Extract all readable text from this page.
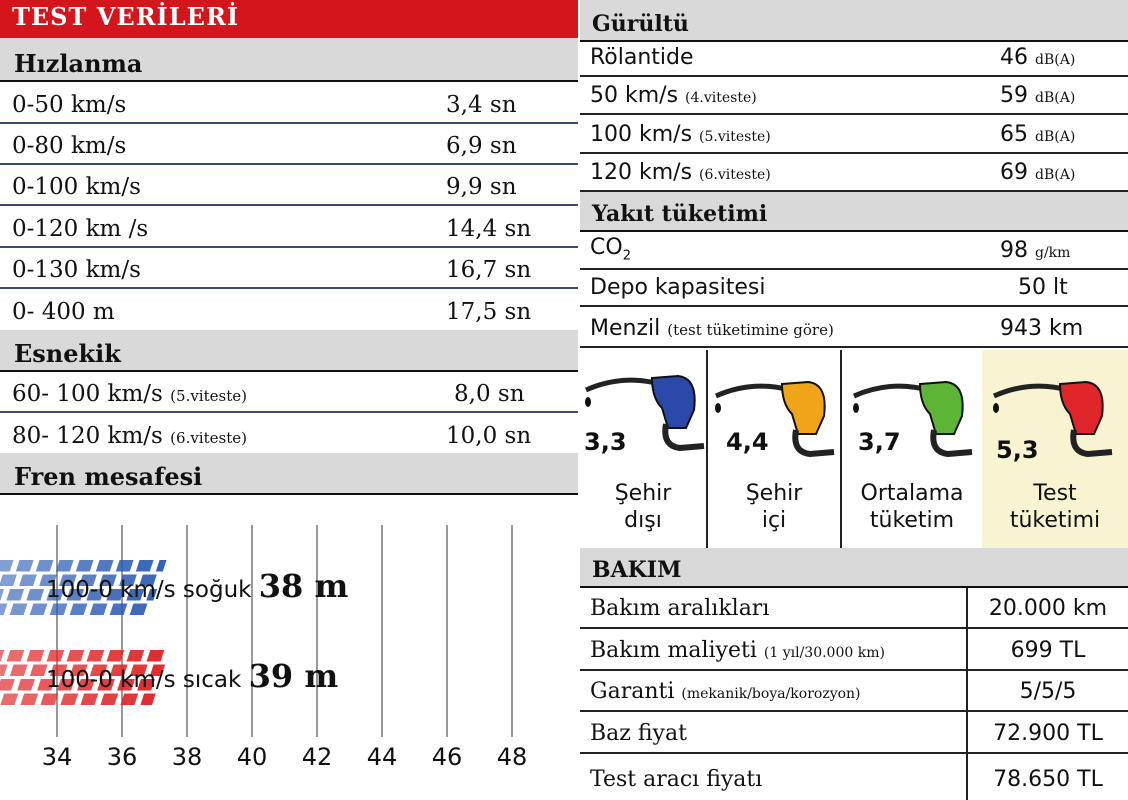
TEST VERİLERİ
Hızlanma
0-50 km/s	3,4 sn
0-80 km/s	6,9 sn
0-100 km/s	9,9 sn
0-120 km /s	14,4 sn
0-130 km/s	16,7 sn
0- 400 m	17,5 sn
Esnekik
60- 100 km/s (5.viteste)	8,0 sn
80- 120 km/s (6.viteste)	10,0 sn
Fren mesafesi
34 36 38 40 42 44 46 48
100-0 km/s soğuk 38 m
100-0 km/s sıcak 39 m
Gürültü
Rölantide	46 dB(A)
50 km/s (4.viteste)	59 dB(A)
100 km/s (5.viteste)	65 dB(A)
120 km/s (6.viteste)	69 dB(A)
Yakıt tüketimi
$CO_2$	98 g/km
Depo kapasitesi	50 lt
Menzil (test tüketimine göre)	943 km
3,3
Şehir
dışı
4,4
Şehir
içi
3,7
Ortalama
tüketim
5,3
Test
tüketimi
BAKIM
Bakım aralıkları	20.000 km
Bakım maliyeti (1 yıl/30.000 km)	699 TL
Garanti (mekanik/boya/korozyon)	5/5/5
Baz fiyat	72.900 TL
Test aracı fiyatı	78.650 TL
